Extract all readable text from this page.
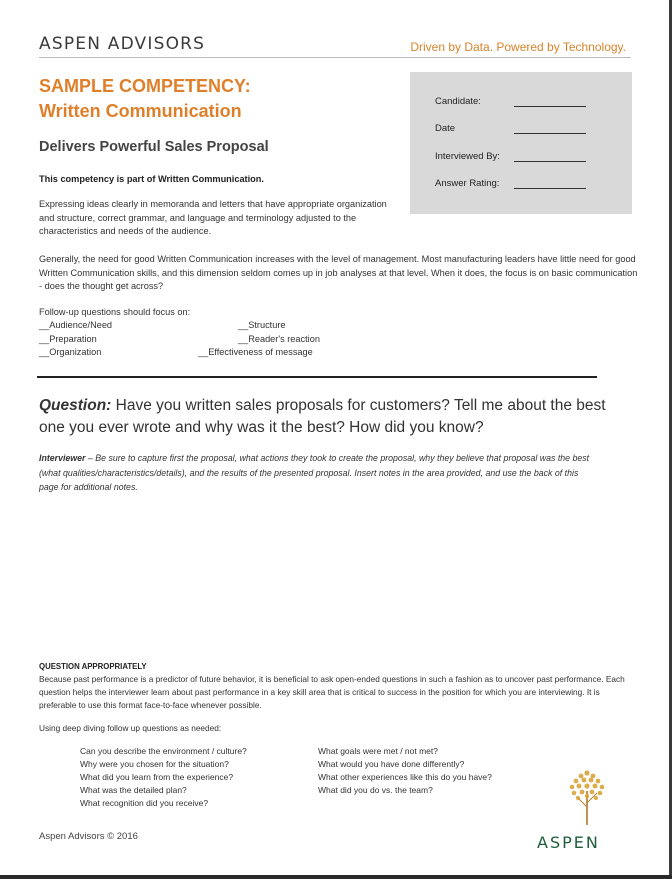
ASPEN ADVISORS	Driven by Data. Powered by Technology.
SAMPLE COMPETENCY:
Written Communication
Delivers Powerful Sales Proposal
Candidate:
Date
Interviewed By:
Answer Rating:
This competency is part of Written Communication.
Expressing ideas clearly in memoranda and letters that have appropriate organization and structure, correct grammar, and language and terminology adjusted to the characteristics and needs of the audience.
Generally, the need for good Written Communication increases with the level of management. Most manufacturing leaders have little need for good Written Communication skills, and this dimension seldom comes up in job analyses at that level. When it does, the focus is on basic communication - does the thought get across?
Follow-up questions should focus on:
__Audience/Need
__Preparation
__Organization
__Structure
__Reader's reaction
__Effectiveness of message
Question: Have you written sales proposals for customers? Tell me about the best one you ever wrote and why was it the best? How did you know?
Interviewer – Be sure to capture first the proposal, what actions they took to create the proposal, why they believe that proposal was the best (what qualities/characteristics/details), and the results of the presented proposal. Insert notes in the area provided, and use the back of this page for additional notes.
QUESTION APPROPRIATELY
Because past performance is a predictor of future behavior, it is beneficial to ask open-ended questions in such a fashion as to uncover past performance. Each question helps the interviewer learn about past performance in a key skill area that is critical to success in the position for which you are interviewing. It is preferable to use this format face-to-face whenever possible.
Using deep diving follow up questions as needed:
Can you describe the environment / culture?
Why were you chosen for the situation?
What did you learn from the experience?
What was the detailed plan?
What recognition did you receive?
What goals were met / not met?
What would you have done differently?
What other experiences like this do you have?
What did you do vs. the team?
Aspen Advisors © 2016	ASPEN
